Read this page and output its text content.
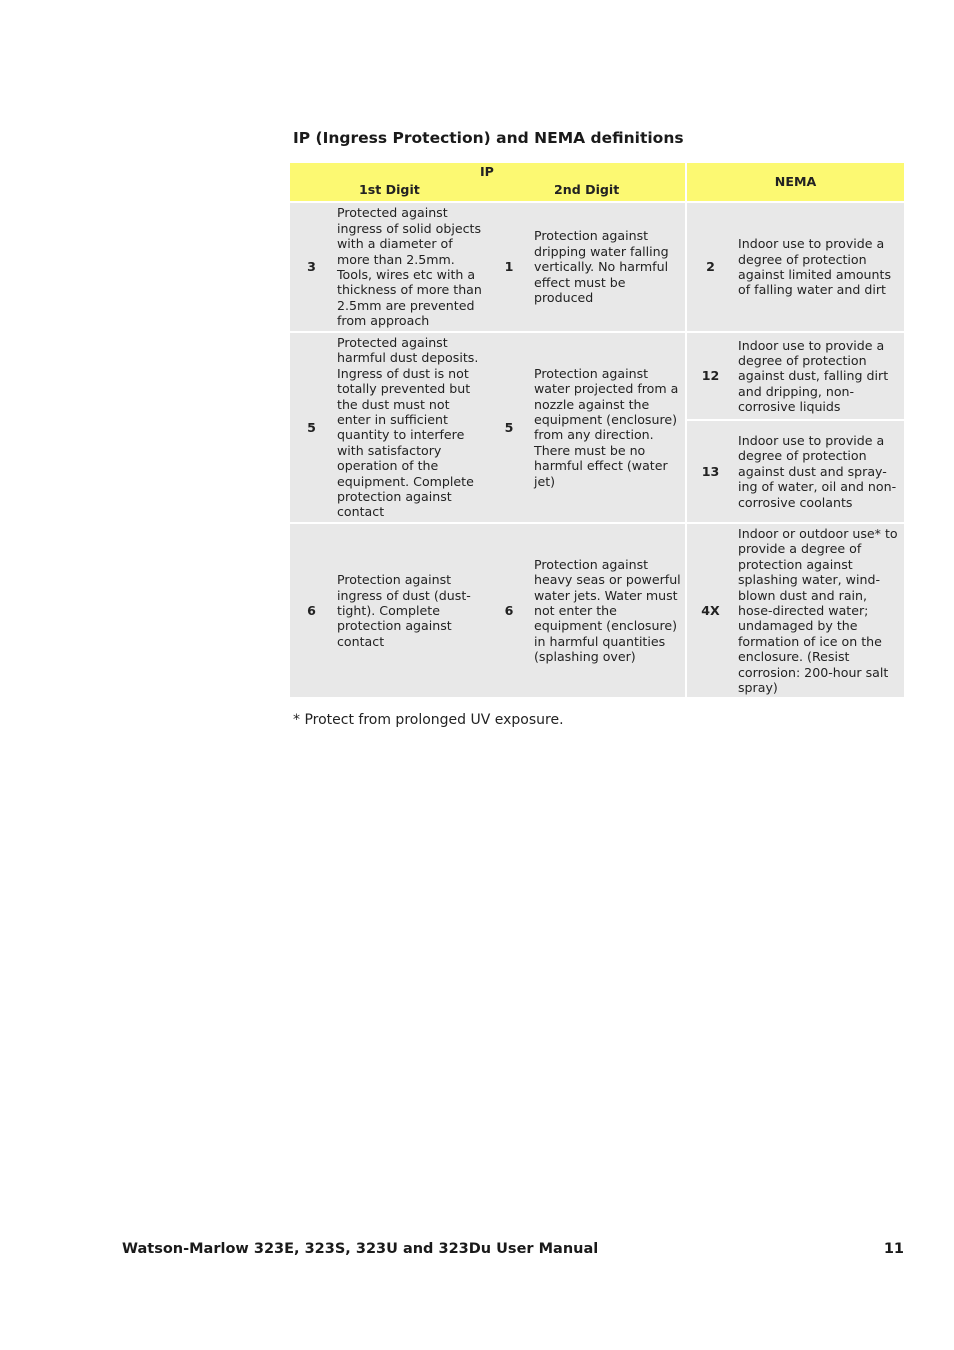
IP (Ingress Protection) and NEMA definitions
IP
1st Digit 2nd Digit				NEMA	
3	Protected against ingress of solid objects with a diameter of more than 2.5mm. Tools, wires etc with a thickness of more than 2.5mm are prevented from approach	1	Protection against dripping water falling vertically. No harmful effect must be produced	2	Indoor use to provide a degree of protection against limited amounts of falling water and dirt
5	Protected against harmful dust deposits. Ingress of dust is not totally prevented but the dust must not enter in sufficient quantity to interfere with satisfactory operation of the equipment. Complete protection against contact	5	Protection against water projected from a nozzle against the equipment (enclosure) from any direction. There must be no harmful effect (water jet)	12	Indoor use to provide a degree of protection against dust, falling dirt and dripping, non-corrosive liquids
				13	Indoor use to provide a degree of protection against dust and spray-ing of water, oil and non-corrosive coolants
6	Protection against ingress of dust (dust-tight). Complete protection against contact	6	Protection against heavy seas or powerful water jets. Water must not enter the equipment (enclosure) in harmful quantities (splashing over)	4X	Indoor or outdoor use* to provide a degree of protection against splashing water, wind-blown dust and rain, hose-directed water; undamaged by the formation of ice on the enclosure. (Resist corrosion: 200-hour salt spray)
* Protect from prolonged UV exposure.
Watson-Marlow 323E, 323S, 323U and 323Du User Manual	11
